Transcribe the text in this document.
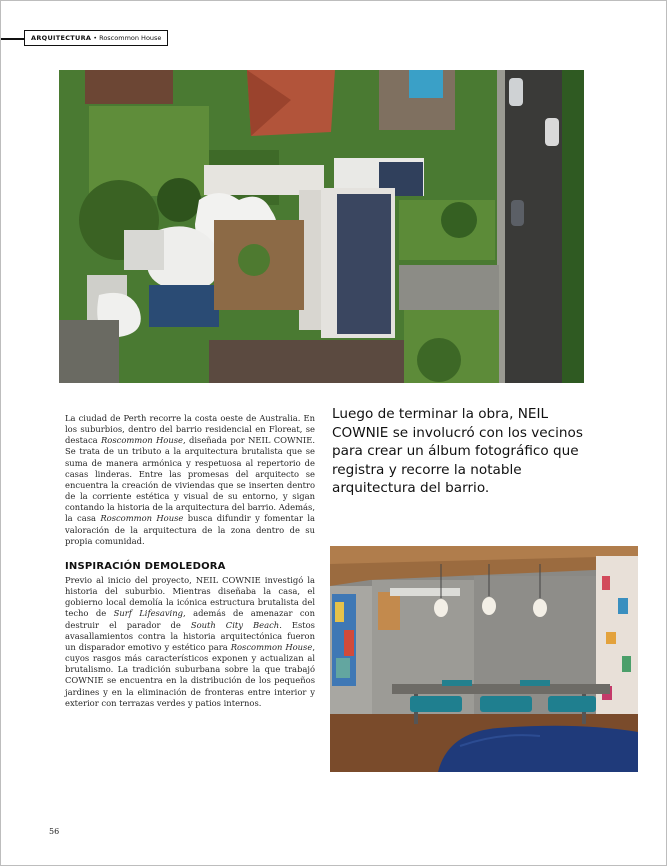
ARQUITECTURA • Roscommon House

La ciudad de Perth recorre la costa oeste de Australia. En los suburbios, dentro del barrio residencial en Floreat, se destaca Roscommon House, diseñada por NEIL COWNIE. Se trata de un tributo a la arquitectura brutalista que se suma de manera armónica y respetuosa al repertorio de casas linderas. Entre las promesas del arquitecto se encuentra la creación de viviendas que se inserten dentro de la corriente estética y visual de su entorno, y sigan contando la historia de la arquitectura del barrio. Además, la casa Roscommon House busca difundir y fomentar la valoración de la arquitectura de la zona dentro de su propia comunidad.

INSPIRACIÓN DEMOLEDORA

Previo al inicio del proyecto, NEIL COWNIE investigó la historia del suburbio. Mientras diseñaba la casa, el gobierno local demolía la icónica estructura brutalista del techo de Surf Lifesaving, además de amenazar con destruir el parador de South City Beach. Estos avasallamientos contra la historia arquitectónica fueron un disparador emotivo y estético para Roscommon House, cuyos rasgos más característicos exponen y actualizan al brutalismo. La tradición suburbana sobre la que trabajó COWNIE se encuentra en la distribución de los pequeños jardines y en la eliminación de fronteras entre interior y exterior con terrazas verdes y patios internos.

Luego de terminar la obra, NEIL COWNIE se involucró con los vecinos para crear un álbum fotográfico que registra y recorre la notable arquitectura del barrio.
56
